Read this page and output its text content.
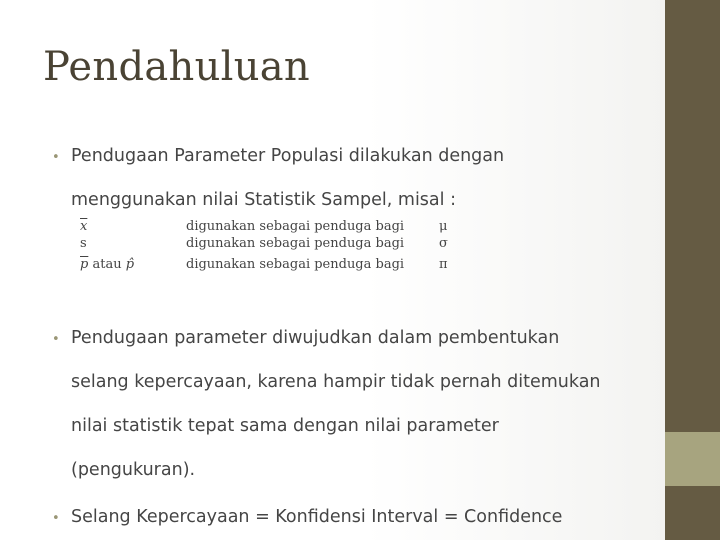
Pendahuluan
• Pendugaan Parameter Populasi dilakukan dengan
menggunakan nilai Statistik Sampel, misal :
$\overline{x}$	digunakan sebagai penduga bagi	μ
s	digunakan sebagai penduga bagi	σ
$\overline{p}$ atau p̂	digunakan sebagai penduga bagi	π
• Pendugaan parameter diwujudkan dalam pembentukan
selang kepercayaan, karena hampir tidak pernah ditemukan
nilai statistik tepat sama dengan nilai parameter
(pengukuran).
• Selang Kepercayaan = Konfidensi Interval = Confidence
